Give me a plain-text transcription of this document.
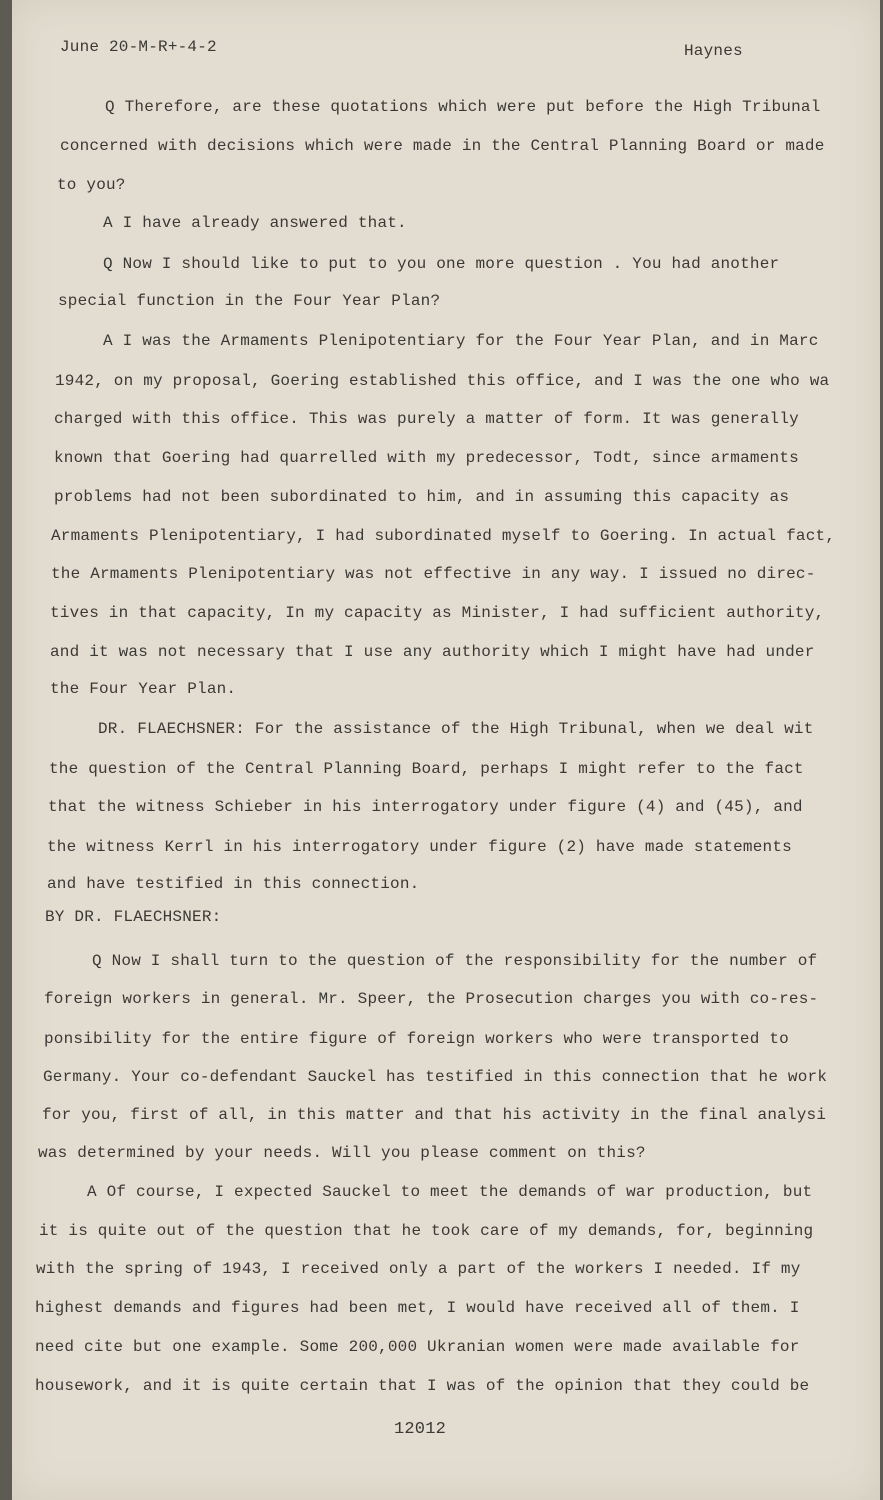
June 20-M-R+-4-2	Haynes
Q Therefore, are these quotations which were put before the High Tribunal
concerned with decisions which were made in the Central Planning Board or made
to you?
A I have already answered that.
Q Now I should like to put to you one more question . You had another
special function in the Four Year Plan?
A I was the Armaments Plenipotentiary for the Four Year Plan, and in Marc
1942, on my proposal, Goering established this office, and I was the one who wa
charged with this office. This was purely a matter of form. It was generally
known that Goering had quarrelled with my predecessor, Todt, since armaments
problems had not been subordinated to him, and in assuming this capacity as
Armaments Plenipotentiary, I had subordinated myself to Goering. In actual fact,
the Armaments Plenipotentiary was not effective in any way. I issued no direc-
tives in that capacity, In my capacity as Minister, I had sufficient authority,
and it was not necessary that I use any authority which I might have had under
the Four Year Plan.
DR. FLAECHSNER: For the assistance of the High Tribunal, when we deal wit
the question of the Central Planning Board, perhaps I might refer to the fact
that the witness Schieber in his interrogatory under figure (4) and (45), and
the witness Kerrl in his interrogatory under figure (2) have made statements
and have testified in this connection.
BY DR. FLAECHSNER:
Q Now I shall turn to the question of the responsibility for the number of
foreign workers in general. Mr. Speer, the Prosecution charges you with co-res-
ponsibility for the entire figure of foreign workers who were transported to
Germany. Your co-defendant Sauckel has testified in this connection that he work
for you, first of all, in this matter and that his activity in the final analysi
was determined by your needs. Will you please comment on this?
A Of course, I expected Sauckel to meet the demands of war production, but
it is quite out of the question that he took care of my demands, for, beginning
with the spring of 1943, I received only a part of the workers I needed. If my
highest demands and figures had been met, I would have received all of them. I
need cite but one example. Some 200,000 Ukranian women were made available for
housework, and it is quite certain that I was of the opinion that they could be
12012
